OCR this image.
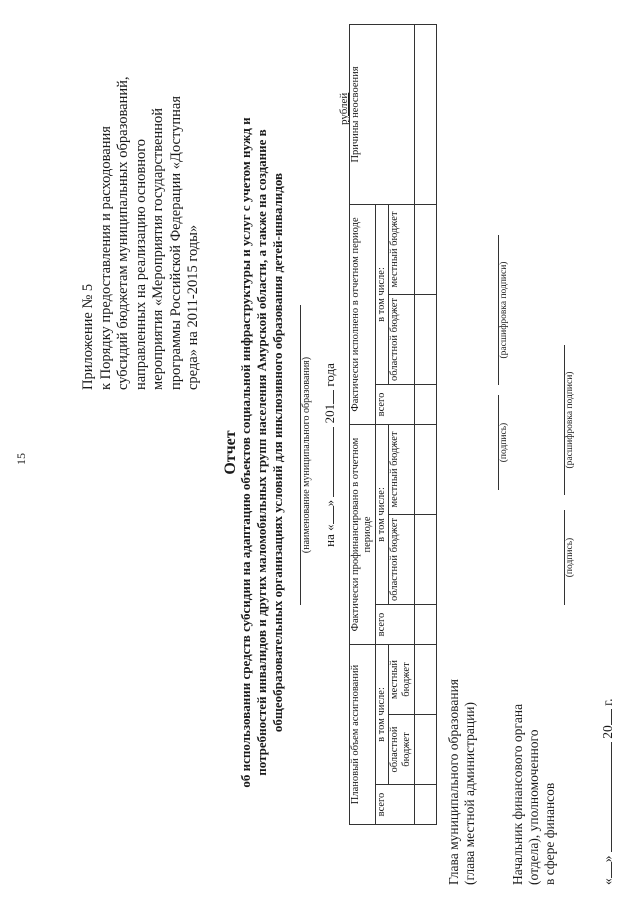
15
Приложение № 5 к Порядку предоставления и расходования субсидий бюджетам муниципальных образований, направленных на реализацию основного мероприятия «Мероприятия государственной программы Российской Федерации «Доступная среда» на 2011-2015 годы»
Отчет об использовании средств субсидии на адаптацию объектов социальной инфраструктуры и услуг с учетом нужд и потребностей инвалидов и других маломобильных групп населения Амурской области, а также на создание в общеобразовательных организациях условий для инклюзивного образования детей-инвалидов (наименование муниципального образования) на «»  201 года
рублей
Плановый объем ассигнований			Фактически профинансировано в отчетном периоде			Фактически исполнено в отчетном периоде			Причины неосвоения
всего	в том числе:		всего	в том числе:		всего	в том числе:		
	областной бюджет	местный бюджет		областной бюджет	местный бюджет		областной бюджет	местный бюджет	

Глава муниципального образования (глава местной администрации)
(подпись)
(расшифровка подписи)
Начальник финансового органа (отдела), уполномоченного в сфере финансов
(подпись)
(расшифровка подписи)
«»  20 г.
